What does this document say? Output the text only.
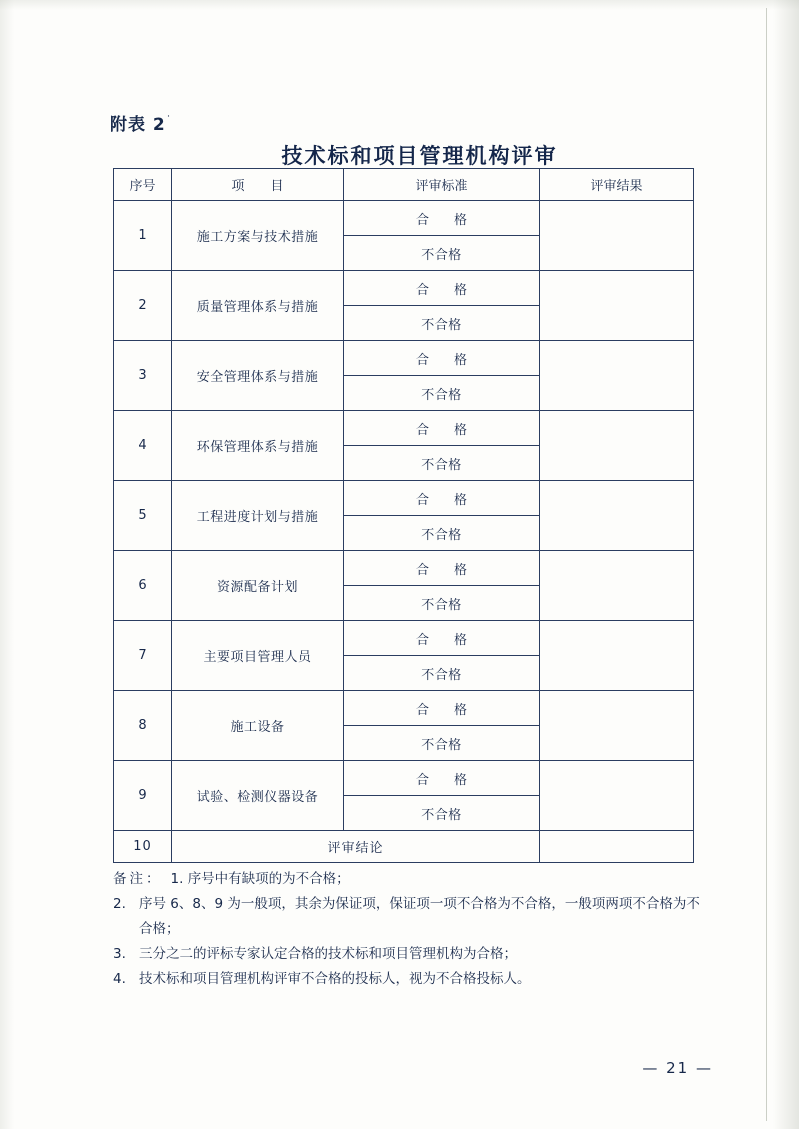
附表 2˙
技术标和项目管理机构评审
序号	项　　目	评审标准	评审结果
1	施工方案与技术措施	合　格	
		不合格	
2	质量管理体系与措施	合　格	
		不合格	
3	安全管理体系与措施	合　格	
		不合格	
4	环保管理体系与措施	合　格	
		不合格	
5	工程进度计划与措施	合　格	
		不合格	
6	资源配备计划	合　格	
		不合格	
7	主要项目管理人员	合　格	
		不合格	
8	施工设备	合　格	
		不合格	
9	试验、检测仪器设备	合　格	
		不合格	
10	评审结论		
备注： 1. 序号中有缺项的为不合格；
2. 序号 6、8、9 为一般项，其余为保证项，保证项一项不合格为不合格，一般项两项不合格为不合格；
3. 三分之二的评标专家认定合格的技术标和项目管理机构为合格；
4. 技术标和项目管理机构评审不合格的投标人，视为不合格投标人。
— 21 —
